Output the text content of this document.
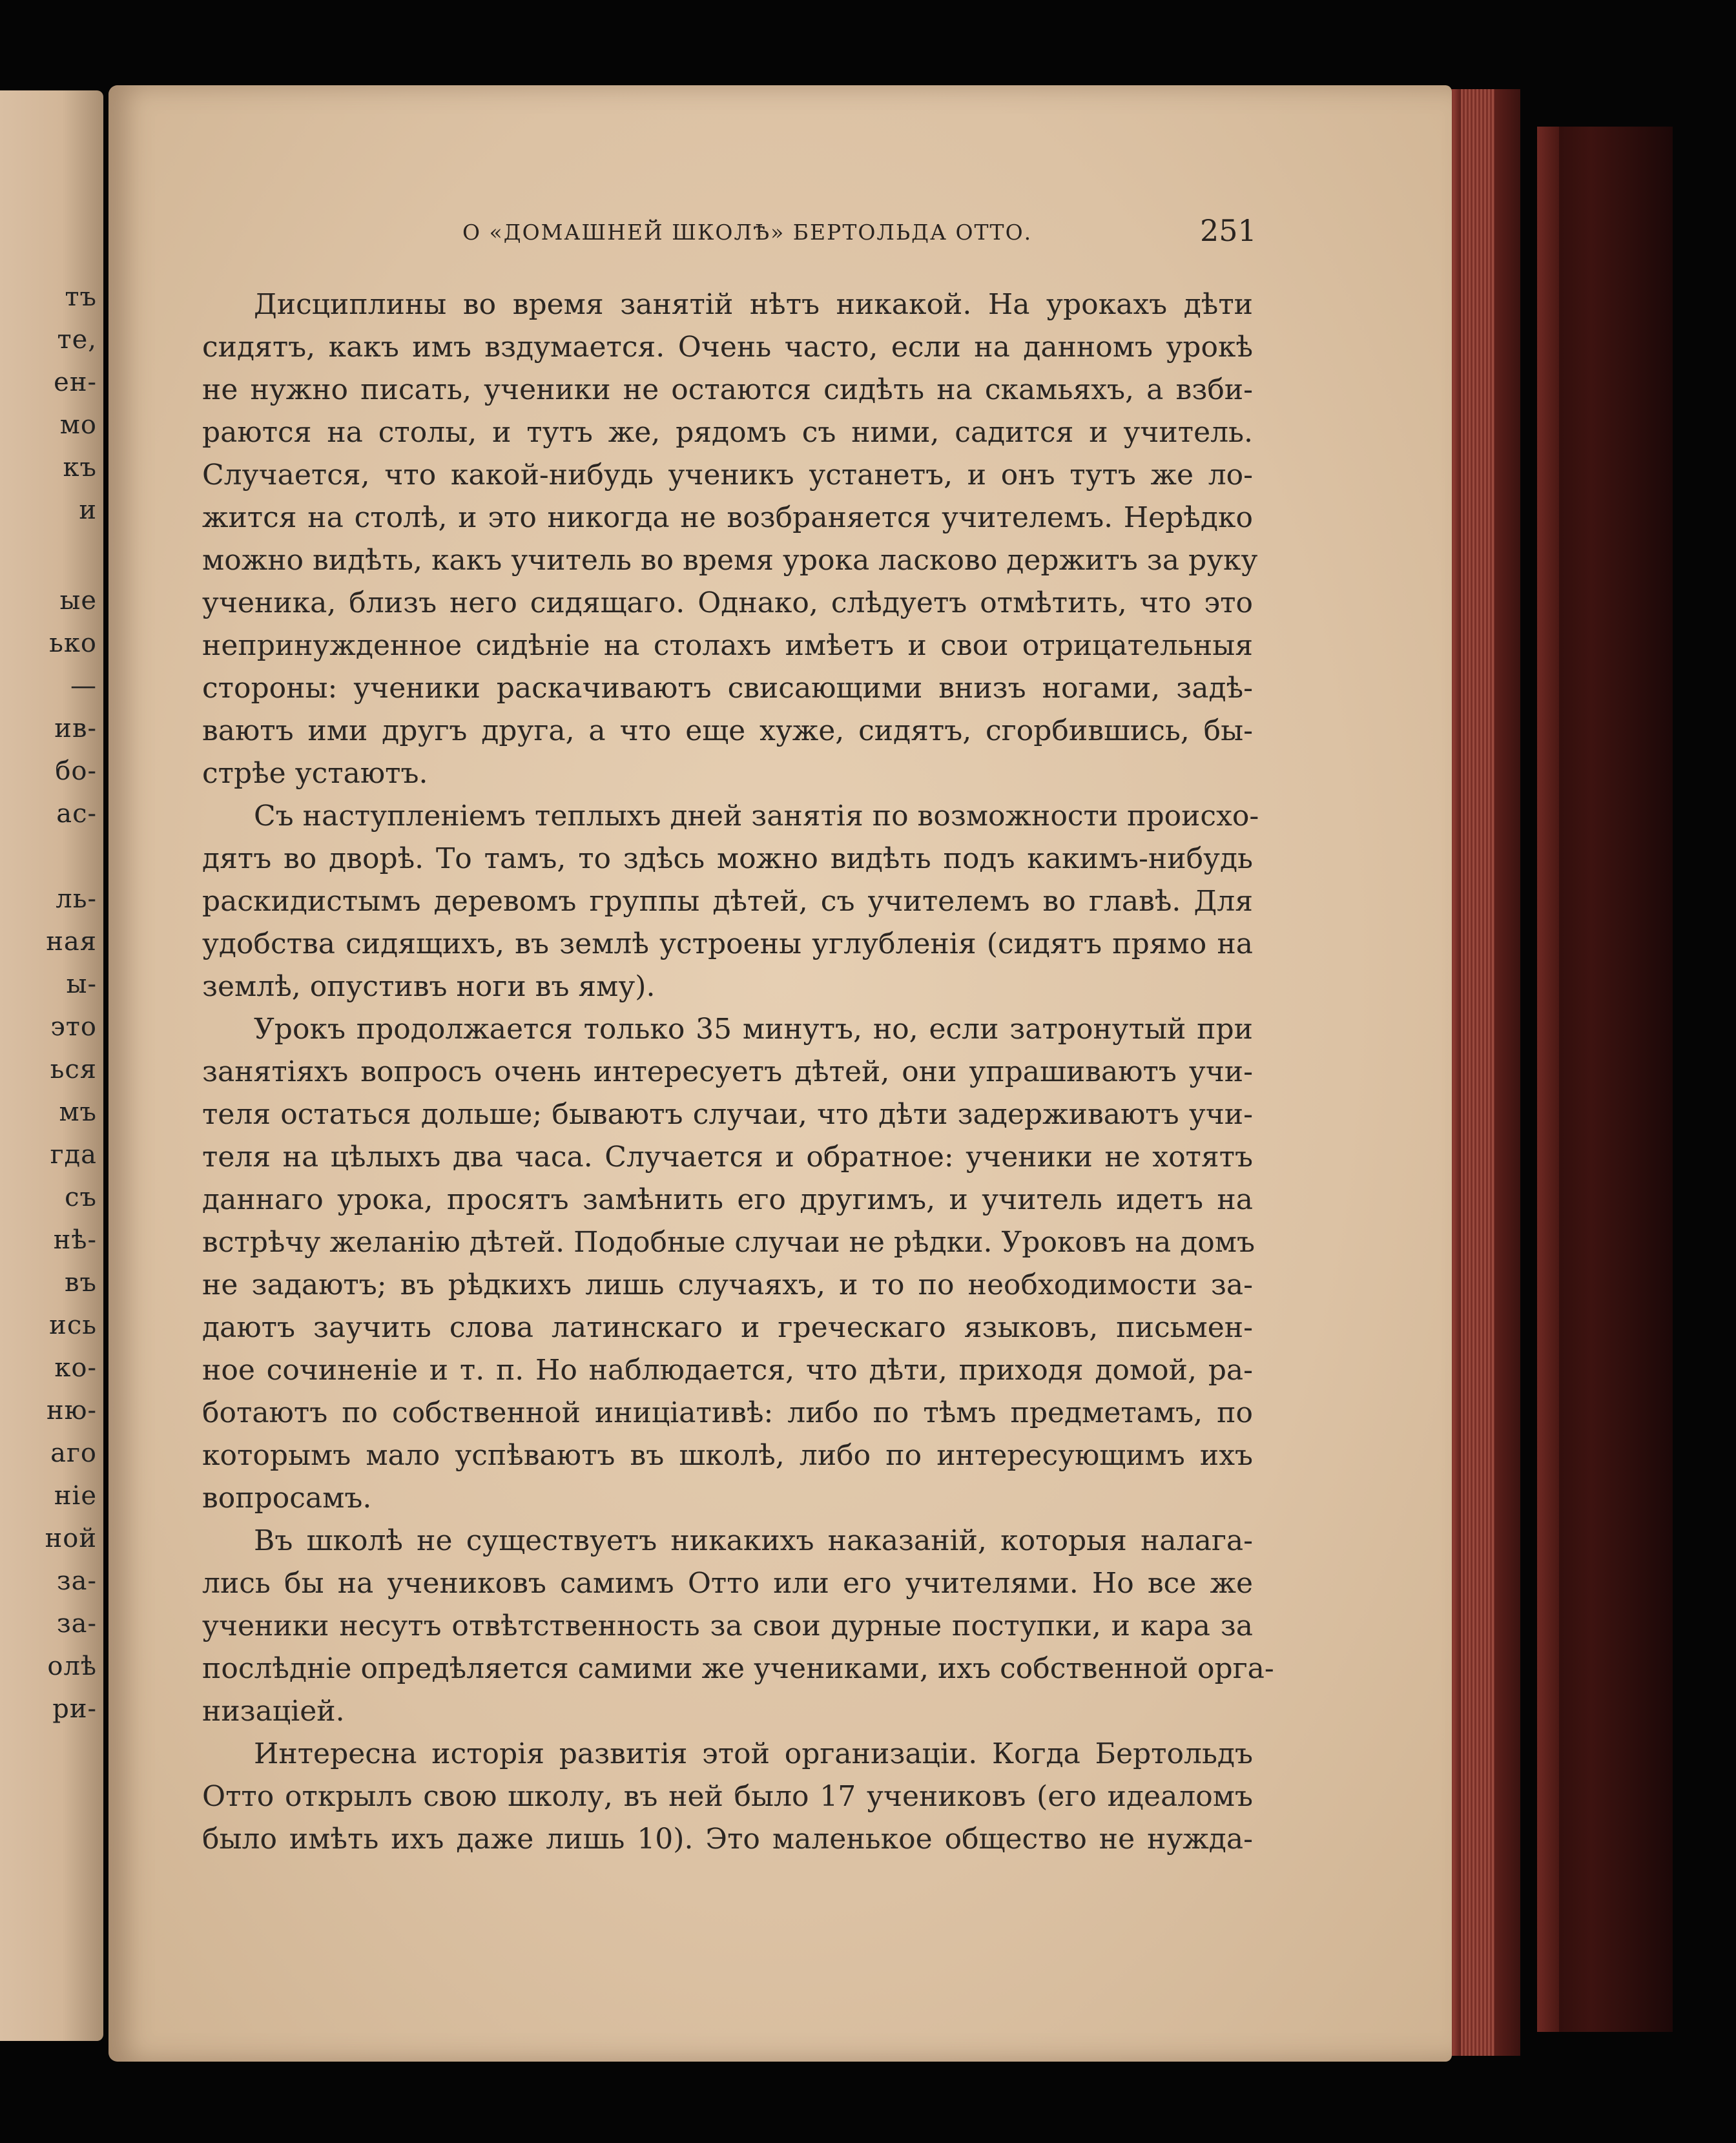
тъ
те,
ен-
мо
къ
и
ые
ько
—
ив-
бо-
ас-
ль-
ная
ы-
это
ься
мъ
гда
съ
нѣ-
въ
ись
ко-
ню-
аго
ніе
ной
за-
за-
олѣ
ри-
О «ДОМАШНЕЙ ШКОЛѢ» БЕРТОЛЬДА ОТТО.	251
Дисциплины во время занятій нѣтъ никакой. На урокахъ дѣти
сидятъ, какъ имъ вздумается. Очень часто, если на данномъ урокѣ
не нужно писать, ученики не остаются сидѣть на скамьяхъ, а взби-
раются на столы, и тутъ же, рядомъ съ ними, садится и учитель.
Случается, что какой-нибудь ученикъ устанетъ, и онъ тутъ же ло-
жится на столѣ, и это никогда не возбраняется учителемъ. Нерѣдко
можно видѣть, какъ учитель во время урока ласково держитъ за руку
ученика, близъ него сидящаго. Однако, слѣдуетъ отмѣтить, что это
непринужденное сидѣніе на столахъ имѣетъ и свои отрицательныя
стороны: ученики раскачиваютъ свисающими внизъ ногами, задѣ-
ваютъ ими другъ друга, а что еще хуже, сидятъ, сгорбившись, бы-
стрѣе устаютъ.
Съ наступленіемъ теплыхъ дней занятія по возможности происхо-
дятъ во дворѣ. То тамъ, то здѣсь можно видѣть подъ какимъ-нибудь
раскидистымъ деревомъ группы дѣтей, съ учителемъ во главѣ. Для
удобства сидящихъ, въ землѣ устроены углубленія (сидятъ прямо на
землѣ, опустивъ ноги въ яму).
Урокъ продолжается только 35 минутъ, но, если затронутый при
занятіяхъ вопросъ очень интересуетъ дѣтей, они упрашиваютъ учи-
теля остаться дольше; бываютъ случаи, что дѣти задерживаютъ учи-
теля на цѣлыхъ два часа. Случается и обратное: ученики не хотятъ
даннаго урока, просятъ замѣнить его другимъ, и учитель идетъ на
встрѣчу желанію дѣтей. Подобные случаи не рѣдки. Уроковъ на домъ
не задаютъ; въ рѣдкихъ лишь случаяхъ, и то по необходимости за-
даютъ заучить слова латинскаго и греческаго языковъ, письмен-
ное сочиненіе и т. п. Но наблюдается, что дѣти, приходя домой, ра-
ботаютъ по собственной иниціативѣ: либо по тѣмъ предметамъ, по
которымъ мало успѣваютъ въ школѣ, либо по интересующимъ ихъ
вопросамъ.
Въ школѣ не существуетъ никакихъ наказаній, которыя налага-
лись бы на учениковъ самимъ Отто или его учителями. Но все же
ученики несутъ отвѣтственность за свои дурные поступки, и кара за
послѣдніе опредѣляется самими же учениками, ихъ собственной орга-
низаціей.
Интересна исторія развитія этой организаціи. Когда Бертольдъ
Отто открылъ свою школу, въ ней было 17 учениковъ (его идеаломъ
было имѣть ихъ даже лишь 10). Это маленькое общество не нужда-
